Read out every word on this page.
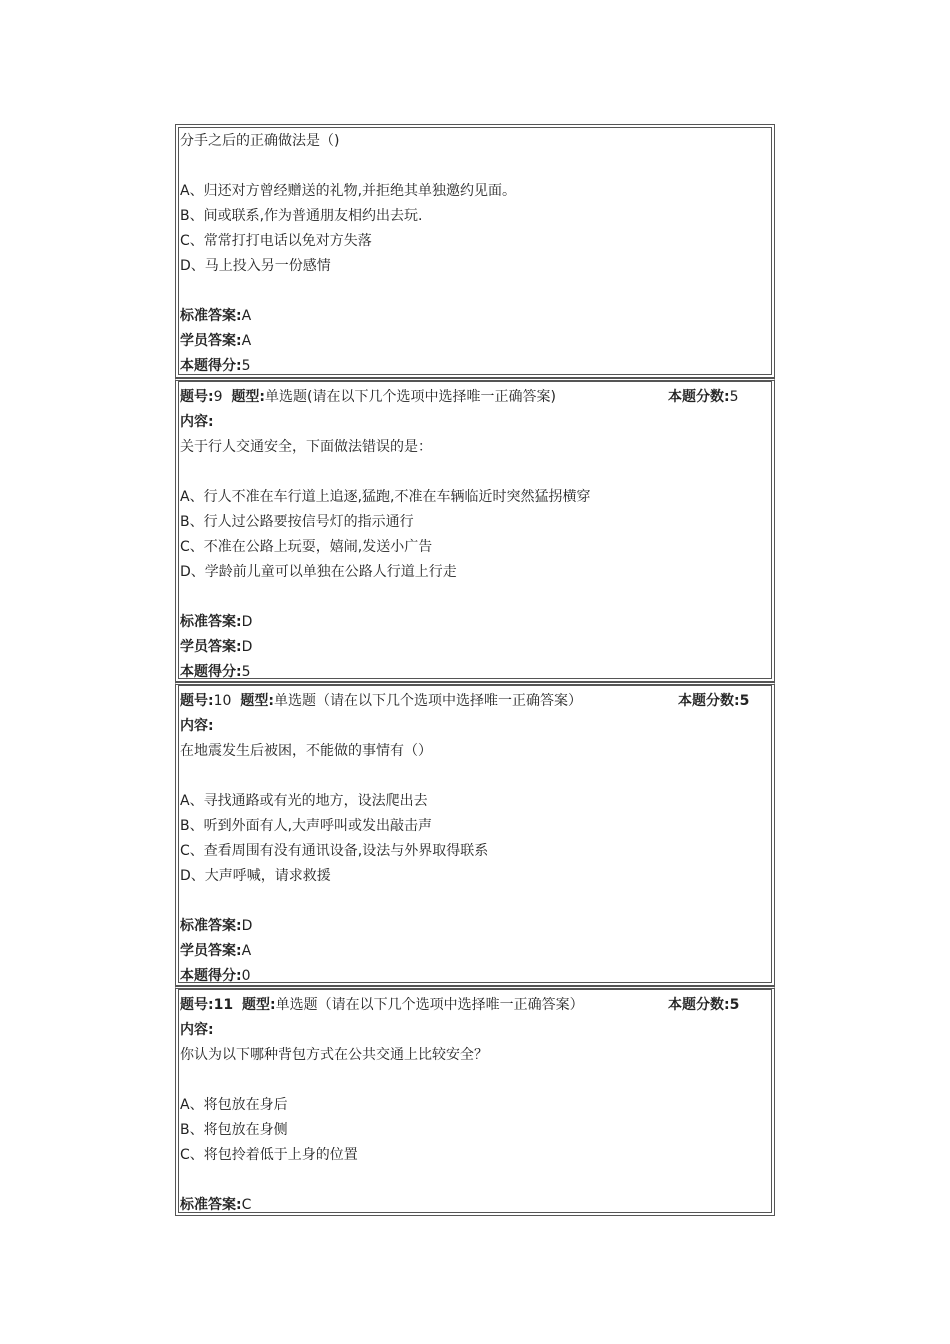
分手之后的正确做法是（)
A、归还对方曾经赠送的礼物,并拒绝其单独邀约见面。
B、间或联系,作为普通朋友相约出去玩.
C、常常打打电话以免对方失落
D、马上投入另一份感情
标准答案:A
学员答案:A
本题得分:5
题号:9 题型:单选题(请在以下几个选项中选择唯一正确答案)	本题分数:5
内容:
关于行人交通安全，下面做法错误的是：
A、行人不准在车行道上追逐,猛跑,不准在车辆临近时突然猛拐横穿
B、行人过公路要按信号灯的指示通行
C、不准在公路上玩耍，嬉闹,发送小广告
D、学龄前儿童可以单独在公路人行道上行走
标准答案:D
学员答案:D
本题得分:5
题号:10 题型:单选题（请在以下几个选项中选择唯一正确答案）	本题分数:5
内容:
在地震发生后被困，不能做的事情有（）
A、寻找通路或有光的地方，设法爬出去
B、听到外面有人,大声呼叫或发出敲击声
C、查看周围有没有通讯设备,设法与外界取得联系
D、大声呼喊，请求救援
标准答案:D
学员答案:A
本题得分:0
题号:11 题型:单选题（请在以下几个选项中选择唯一正确答案）	本题分数:5
内容:
你认为以下哪种背包方式在公共交通上比较安全？
A、将包放在身后
B、将包放在身侧
C、将包拎着低于上身的位置
标准答案:C
